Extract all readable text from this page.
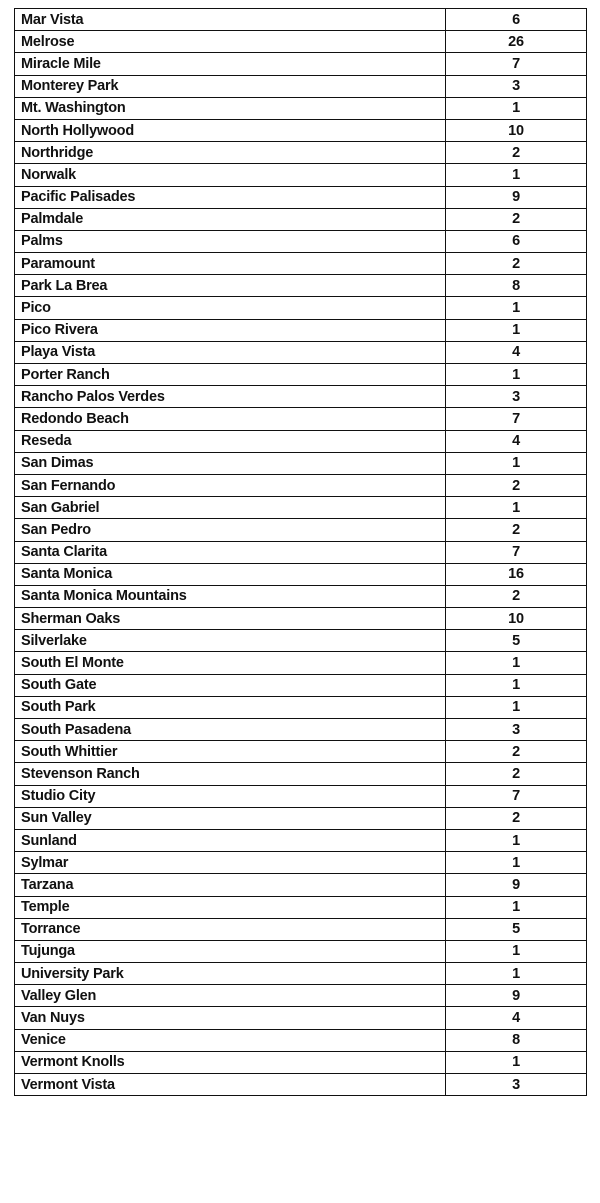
Mar Vista	6
Melrose	26
Miracle Mile	7
Monterey Park	3
Mt. Washington	1
North Hollywood	10
Northridge	2
Norwalk	1
Pacific Palisades	9
Palmdale	2
Palms	6
Paramount	2
Park La Brea	8
Pico	1
Pico Rivera	1
Playa Vista	4
Porter Ranch	1
Rancho Palos Verdes	3
Redondo Beach	7
Reseda	4
San Dimas	1
San Fernando	2
San Gabriel	1
San Pedro	2
Santa Clarita	7
Santa Monica	16
Santa Monica Mountains	2
Sherman Oaks	10
Silverlake	5
South El Monte	1
South Gate	1
South Park	1
South Pasadena	3
South Whittier	2
Stevenson Ranch	2
Studio City	7
Sun Valley	2
Sunland	1
Sylmar	1
Tarzana	9
Temple	1
Torrance	5
Tujunga	1
University Park	1
Valley Glen	9
Van Nuys	4
Venice	8
Vermont Knolls	1
Vermont Vista	3
